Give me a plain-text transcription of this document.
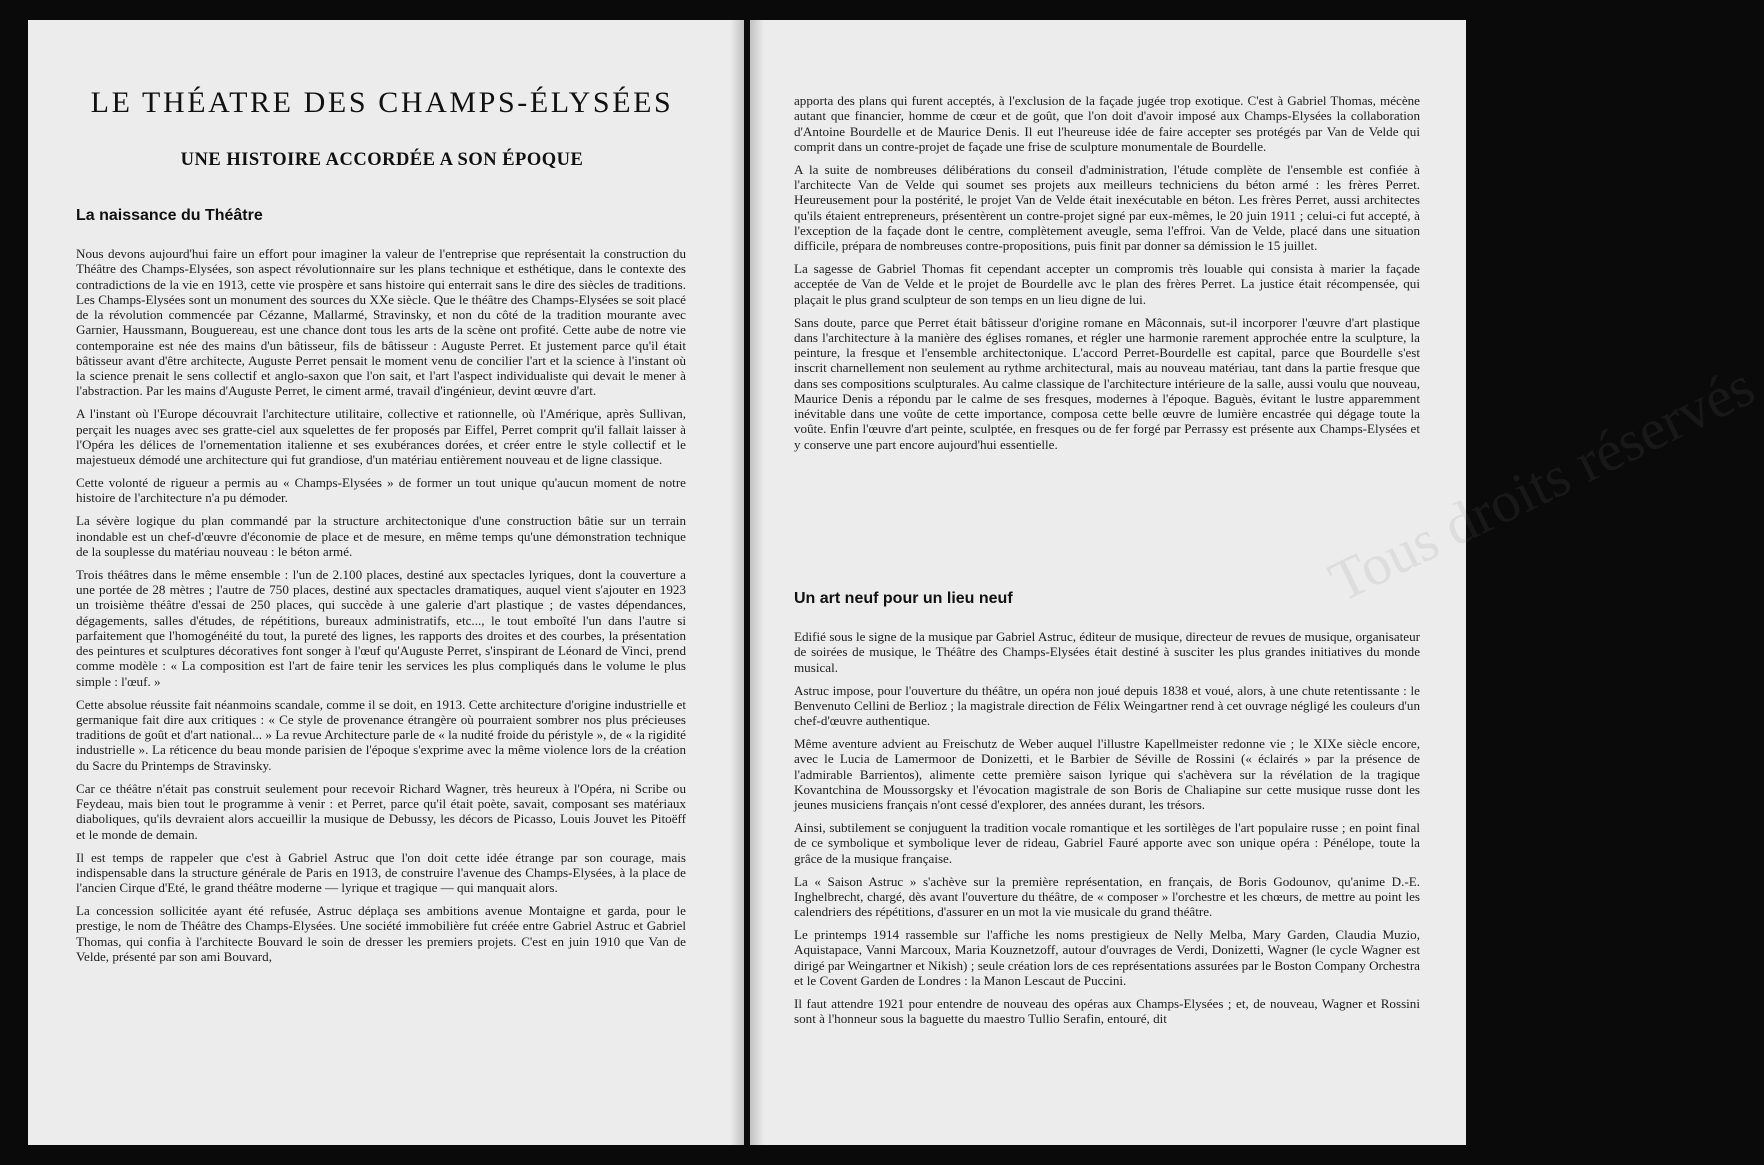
LE THÉATRE DES CHAMPS-ÉLYSÉES
UNE HISTOIRE ACCORDÉE A SON ÉPOQUE
La naissance du Théâtre

Nous devons aujourd'hui faire un effort pour imaginer la valeur de l'entreprise que représentait la construction du Théâtre des Champs-Elysées, son aspect révolutionnaire sur les plans technique et esthétique, dans le contexte des contradictions de la vie en 1913, cette vie prospère et sans histoire qui enterrait sans le dire des siècles de traditions. Les Champs-Elysées sont un monument des sources du XXe siècle. Que le théâtre des Champs-Elysées se soit placé de la révolution commencée par Cézanne, Mallarmé, Stravinsky, et non du côté de la tradition mourante avec Garnier, Haussmann, Bouguereau, est une chance dont tous les arts de la scène ont profité. Cette aube de notre vie contemporaine est née des mains d'un bâtisseur, fils de bâtisseur : Auguste Perret. Et justement parce qu'il était bâtisseur avant d'être architecte, Auguste Perret pensait le moment venu de concilier l'art et la science à l'instant où la science prenait le sens collectif et anglo-saxon que l'on sait, et l'art l'aspect individualiste qui devait le mener à l'abstraction. Par les mains d'Auguste Perret, le ciment armé, travail d'ingénieur, devint œuvre d'art.

A l'instant où l'Europe découvrait l'architecture utilitaire, collective et rationnelle, où l'Amérique, après Sullivan, perçait les nuages avec ses gratte-ciel aux squelettes de fer proposés par Eiffel, Perret comprit qu'il fallait laisser à l'Opéra les délices de l'ornementation italienne et ses exubérances dorées, et créer entre le style collectif et le majestueux démodé une architecture qui fut grandiose, d'un matériau entièrement nouveau et de ligne classique.

Cette volonté de rigueur a permis au « Champs-Elysées » de former un tout unique qu'aucun moment de notre histoire de l'architecture n'a pu démoder.

La sévère logique du plan commandé par la structure architectonique d'une construction bâtie sur un terrain inondable est un chef-d'œuvre d'économie de place et de mesure, en même temps qu'une démonstration technique de la souplesse du matériau nouveau : le béton armé.

Trois théâtres dans le même ensemble : l'un de 2.100 places, destiné aux spectacles lyriques, dont la couverture a une portée de 28 mètres ; l'autre de 750 places, destiné aux spectacles dramatiques, auquel vient s'ajouter en 1923 un troisième théâtre d'essai de 250 places, qui succède à une galerie d'art plastique ; de vastes dépendances, dégagements, salles d'études, de répétitions, bureaux administratifs, etc..., le tout emboîté l'un dans l'autre si parfaitement que l'homogénéité du tout, la pureté des lignes, les rapports des droites et des courbes, la présentation des peintures et sculptures décoratives font songer à l'œuf qu'Auguste Perret, s'inspirant de Léonard de Vinci, prend comme modèle : « La composition est l'art de faire tenir les services les plus compliqués dans le volume le plus simple : l'œuf. »

Cette absolue réussite fait néanmoins scandale, comme il se doit, en 1913. Cette architecture d'origine industrielle et germanique fait dire aux critiques : « Ce style de provenance étrangère où pourraient sombrer nos plus précieuses traditions de goût et d'art national... » La revue Architecture parle de « la nudité froide du péristyle », de « la rigidité industrielle ». La réticence du beau monde parisien de l'époque s'exprime avec la même violence lors de la création du Sacre du Printemps de Stravinsky.

Car ce théâtre n'était pas construit seulement pour recevoir Richard Wagner, très heureux à l'Opéra, ni Scribe ou Feydeau, mais bien tout le programme à venir : et Perret, parce qu'il était poète, savait, composant ses matériaux diaboliques, qu'ils devraient alors accueillir la musique de Debussy, les décors de Picasso, Louis Jouvet les Pitoëff et le monde de demain.

Il est temps de rappeler que c'est à Gabriel Astruc que l'on doit cette idée étrange par son courage, mais indispensable dans la structure générale de Paris en 1913, de construire l'avenue des Champs-Elysées, à la place de l'ancien Cirque d'Eté, le grand théâtre moderne — lyrique et tragique — qui manquait alors.

La concession sollicitée ayant été refusée, Astruc déplaça ses ambitions avenue Montaigne et garda, pour le prestige, le nom de Théâtre des Champs-Elysées. Une société immobilière fut créée entre Gabriel Astruc et Gabriel Thomas, qui confia à l'architecte Bouvard le soin de dresser les premiers projets. C'est en juin 1910 que Van de Velde, présenté par son ami Bouvard,

Tous droits réservés

apporta des plans qui furent acceptés, à l'exclusion de la façade jugée trop exotique. C'est à Gabriel Thomas, mécène autant que financier, homme de cœur et de goût, que l'on doit d'avoir imposé aux Champs-Elysées la collaboration d'Antoine Bourdelle et de Maurice Denis. Il eut l'heureuse idée de faire accepter ses protégés par Van de Velde qui comprit dans un contre-projet de façade une frise de sculpture monumentale de Bourdelle.

A la suite de nombreuses délibérations du conseil d'administration, l'étude complète de l'ensemble est confiée à l'architecte Van de Velde qui soumet ses projets aux meilleurs techniciens du béton armé : les frères Perret. Heureusement pour la postérité, le projet Van de Velde était inexécutable en béton. Les frères Perret, aussi architectes qu'ils étaient entrepreneurs, présentèrent un contre-projet signé par eux-mêmes, le 20 juin 1911 ; celui-ci fut accepté, à l'exception de la façade dont le centre, complètement aveugle, sema l'effroi. Van de Velde, placé dans une situation difficile, prépara de nombreuses contre-propositions, puis finit par donner sa démission le 15 juillet.

La sagesse de Gabriel Thomas fit cependant accepter un compromis très louable qui consista à marier la façade acceptée de Van de Velde et le projet de Bourdelle avc le plan des frères Perret. La justice était récompensée, qui plaçait le plus grand sculpteur de son temps en un lieu digne de lui.

Sans doute, parce que Perret était bâtisseur d'origine romane en Mâconnais, sut-il incorporer l'œuvre d'art plastique dans l'architecture à la manière des églises romanes, et régler une harmonie rarement approchée entre la sculpture, la peinture, la fresque et l'ensemble architectonique. L'accord Perret-Bourdelle est capital, parce que Bourdelle s'est inscrit charnellement non seulement au rythme architectural, mais au nouveau matériau, tant dans la partie fresque que dans ses compositions sculpturales. Au calme classique de l'architecture intérieure de la salle, aussi voulu que nouveau, Maurice Denis a répondu par le calme de ses fresques, modernes à l'époque. Baguès, évitant le lustre apparemment inévitable dans une voûte de cette importance, composa cette belle œuvre de lumière encastrée qui dégage toute la voûte. Enfin l'œuvre d'art peinte, sculptée, en fresques ou de fer forgé par Perrassy est présente aux Champs-Elysées et y conserve une part encore aujourd'hui essentielle.

Un art neuf pour un lieu neuf

Edifié sous le signe de la musique par Gabriel Astruc, éditeur de musique, directeur de revues de musique, organisateur de soirées de musique, le Théâtre des Champs-Elysées était destiné à susciter les plus grandes initiatives du monde musical.

Astruc impose, pour l'ouverture du théâtre, un opéra non joué depuis 1838 et voué, alors, à une chute retentissante : le Benvenuto Cellini de Berlioz ; la magistrale direction de Félix Weingartner rend à cet ouvrage négligé les couleurs d'un chef-d'œuvre authentique.

Même aventure advient au Freischutz de Weber auquel l'illustre Kapellmeister redonne vie ; le XIXe siècle encore, avec le Lucia de Lamermoor de Donizetti, et le Barbier de Séville de Rossini (« éclairés » par la présence de l'admirable Barrientos), alimente cette première saison lyrique qui s'achèvera sur la révélation de la tragique Kovantchina de Moussorgsky et l'évocation magistrale de son Boris de Chaliapine sur cette musique russe dont les jeunes musiciens français n'ont cessé d'explorer, des années durant, les trésors.

Ainsi, subtilement se conjuguent la tradition vocale romantique et les sortilèges de l'art populaire russe ; en point final de ce symbolique et symbolique lever de rideau, Gabriel Fauré apporte avec son unique opéra : Pénélope, toute la grâce de la musique française.

La « Saison Astruc » s'achève sur la première représentation, en français, de Boris Godounov, qu'anime D.-E. Inghelbrecht, chargé, dès avant l'ouverture du théâtre, de « composer » l'orchestre et les chœurs, de mettre au point les calendriers des répétitions, d'assurer en un mot la vie musicale du grand théâtre.

Le printemps 1914 rassemble sur l'affiche les noms prestigieux de Nelly Melba, Mary Garden, Claudia Muzio, Aquistapace, Vanni Marcoux, Maria Kouznetzoff, autour d'ouvrages de Verdi, Donizetti, Wagner (le cycle Wagner est dirigé par Weingartner et Nikish) ; seule création lors de ces représentations assurées par le Boston Company Orchestra et le Covent Garden de Londres : la Manon Lescaut de Puccini.

Il faut attendre 1921 pour entendre de nouveau des opéras aux Champs-Elysées ; et, de nouveau, Wagner et Rossini sont à l'honneur sous la baguette du maestro Tullio Serafin, entouré, dit
